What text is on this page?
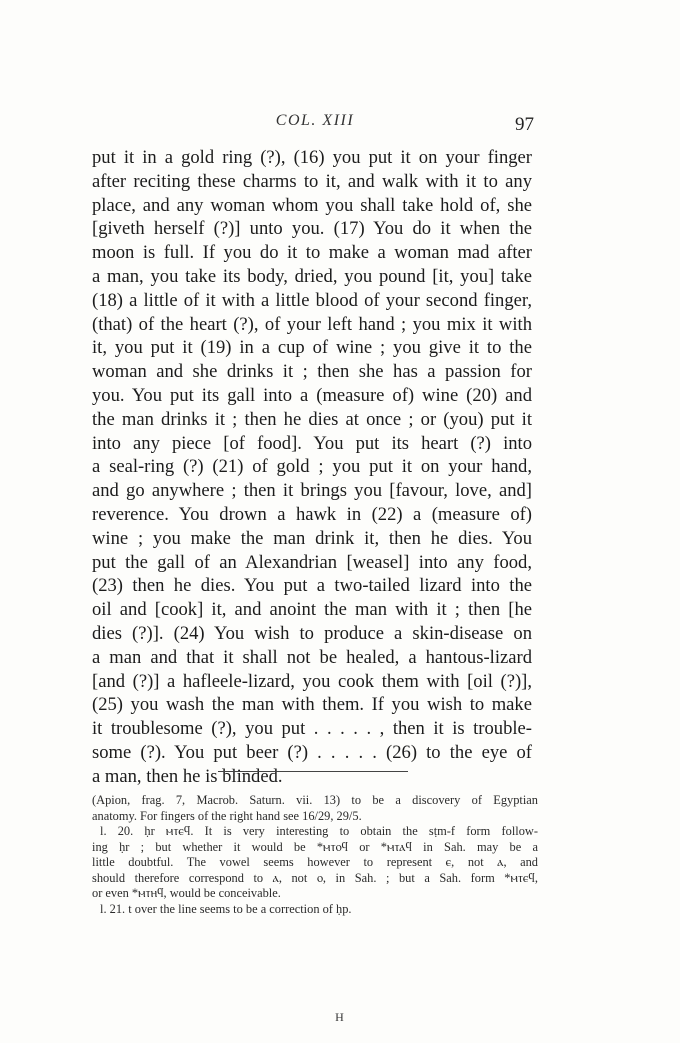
COL. XIII	97
put it in a gold ring (?), (16) you put it on your finger
after reciting these charms to it, and walk with it to any
place, and any woman whom you shall take hold of, she
[giveth herself (?)] unto you. (17) You do it when the
moon is full. If you do it to make a woman mad after
a man, you take its body, dried, you pound [it, you] take
(18) a little of it with a little blood of your second finger,
(that) of the heart (?), of your left hand ; you mix it with
it, you put it (19) in a cup of wine ; you give it to the
woman and she drinks it ; then she has a passion for
you. You put its gall into a (measure of) wine (20) and
the man drinks it ; then he dies at once ; or (you) put it
into any piece [of food]. You put its heart (?) into
a seal-ring (?) (21) of gold ; you put it on your hand,
and go anywhere ; then it brings you [favour, love, and]
reverence. You drown a hawk in (22) a (measure of)
wine ; you make the man drink it, then he dies. You
put the gall of an Alexandrian [weasel] into any food,
(23) then he dies. You put a two-tailed lizard into the
oil and [cook] it, and anoint the man with it ; then [he
dies (?)]. (24) You wish to produce a skin-disease on
a man and that it shall not be healed, a hantous-lizard
[and (?)] a hafleele-lizard, you cook them with [oil (?)],
(25) you wash the man with them. If you wish to make
it troublesome (?), you put . . . . . , then it is trouble-
some (?). You put beer (?) . . . . . (26) to the eye of
a man, then he is blinded.
(Apion, frag. 7, Macrob. Saturn. vii. 13) to be a discovery of Egyptian
anatomy. For fingers of the right hand see 16/29, 29/5.
l. 20. ḥr ⲙⲧⲉϥ. It is very interesting to obtain the sṭm-f form follow-
ing ḥr ; but whether it would be *ⲙⲧⲟϥ or *ⲙⲧⲁϥ in Sah. may be a
little doubtful. The vowel seems however to represent ⲉ, not ⲁ, and
should therefore correspond to ⲁ, not ⲟ, in Sah. ; but a Sah. form *ⲙⲧⲉϥ,
or even *ⲙⲧⲏϥ, would be conceivable.
l. 21. t over the line seems to be a correction of ḥp.
H
